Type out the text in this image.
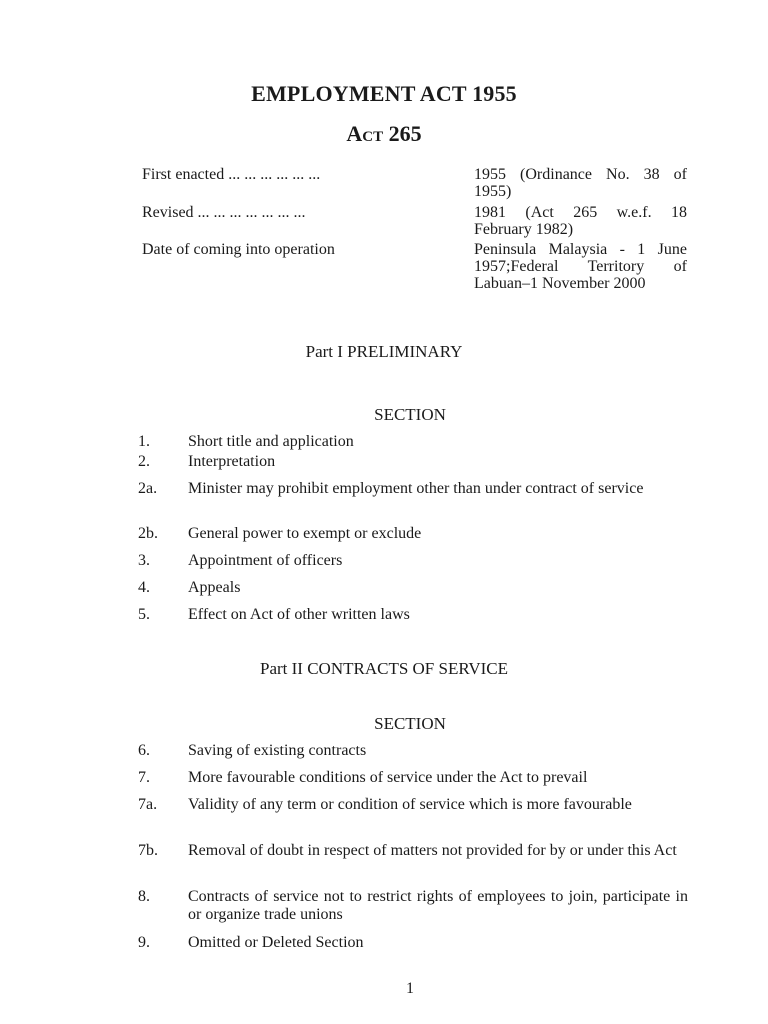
EMPLOYMENT ACT 1955
Act 265
First enacted ... ... ... ... ... ...	1955 (Ordinance No. 38 of 1955)
Revised ... ... ... ... ... ... ...	1981 (Act 265 w.e.f. 18 February 1982)
Date of coming into operation	Peninsula Malaysia - 1 June 1957;Federal Territory of Labuan–1 November 2000
Part I PRELIMINARY
SECTION
1.	Short title and application
2.	Interpretation
2a.	Minister may prohibit employment other than under contract of service
2b.	General power to exempt or exclude
3.	Appointment of officers
4.	Appeals
5.	Effect on Act of other written laws
Part II CONTRACTS OF SERVICE
SECTION
6.	Saving of existing contracts
7.	More favourable conditions of service under the Act to prevail
7a.	Validity of any term or condition of service which is more favourable
7b.	Removal of doubt in respect of matters not provided for by or under this Act
8.	Contracts of service not to restrict rights of employees to join, participate in or organize trade unions
9.	Omitted or Deleted Section
1
